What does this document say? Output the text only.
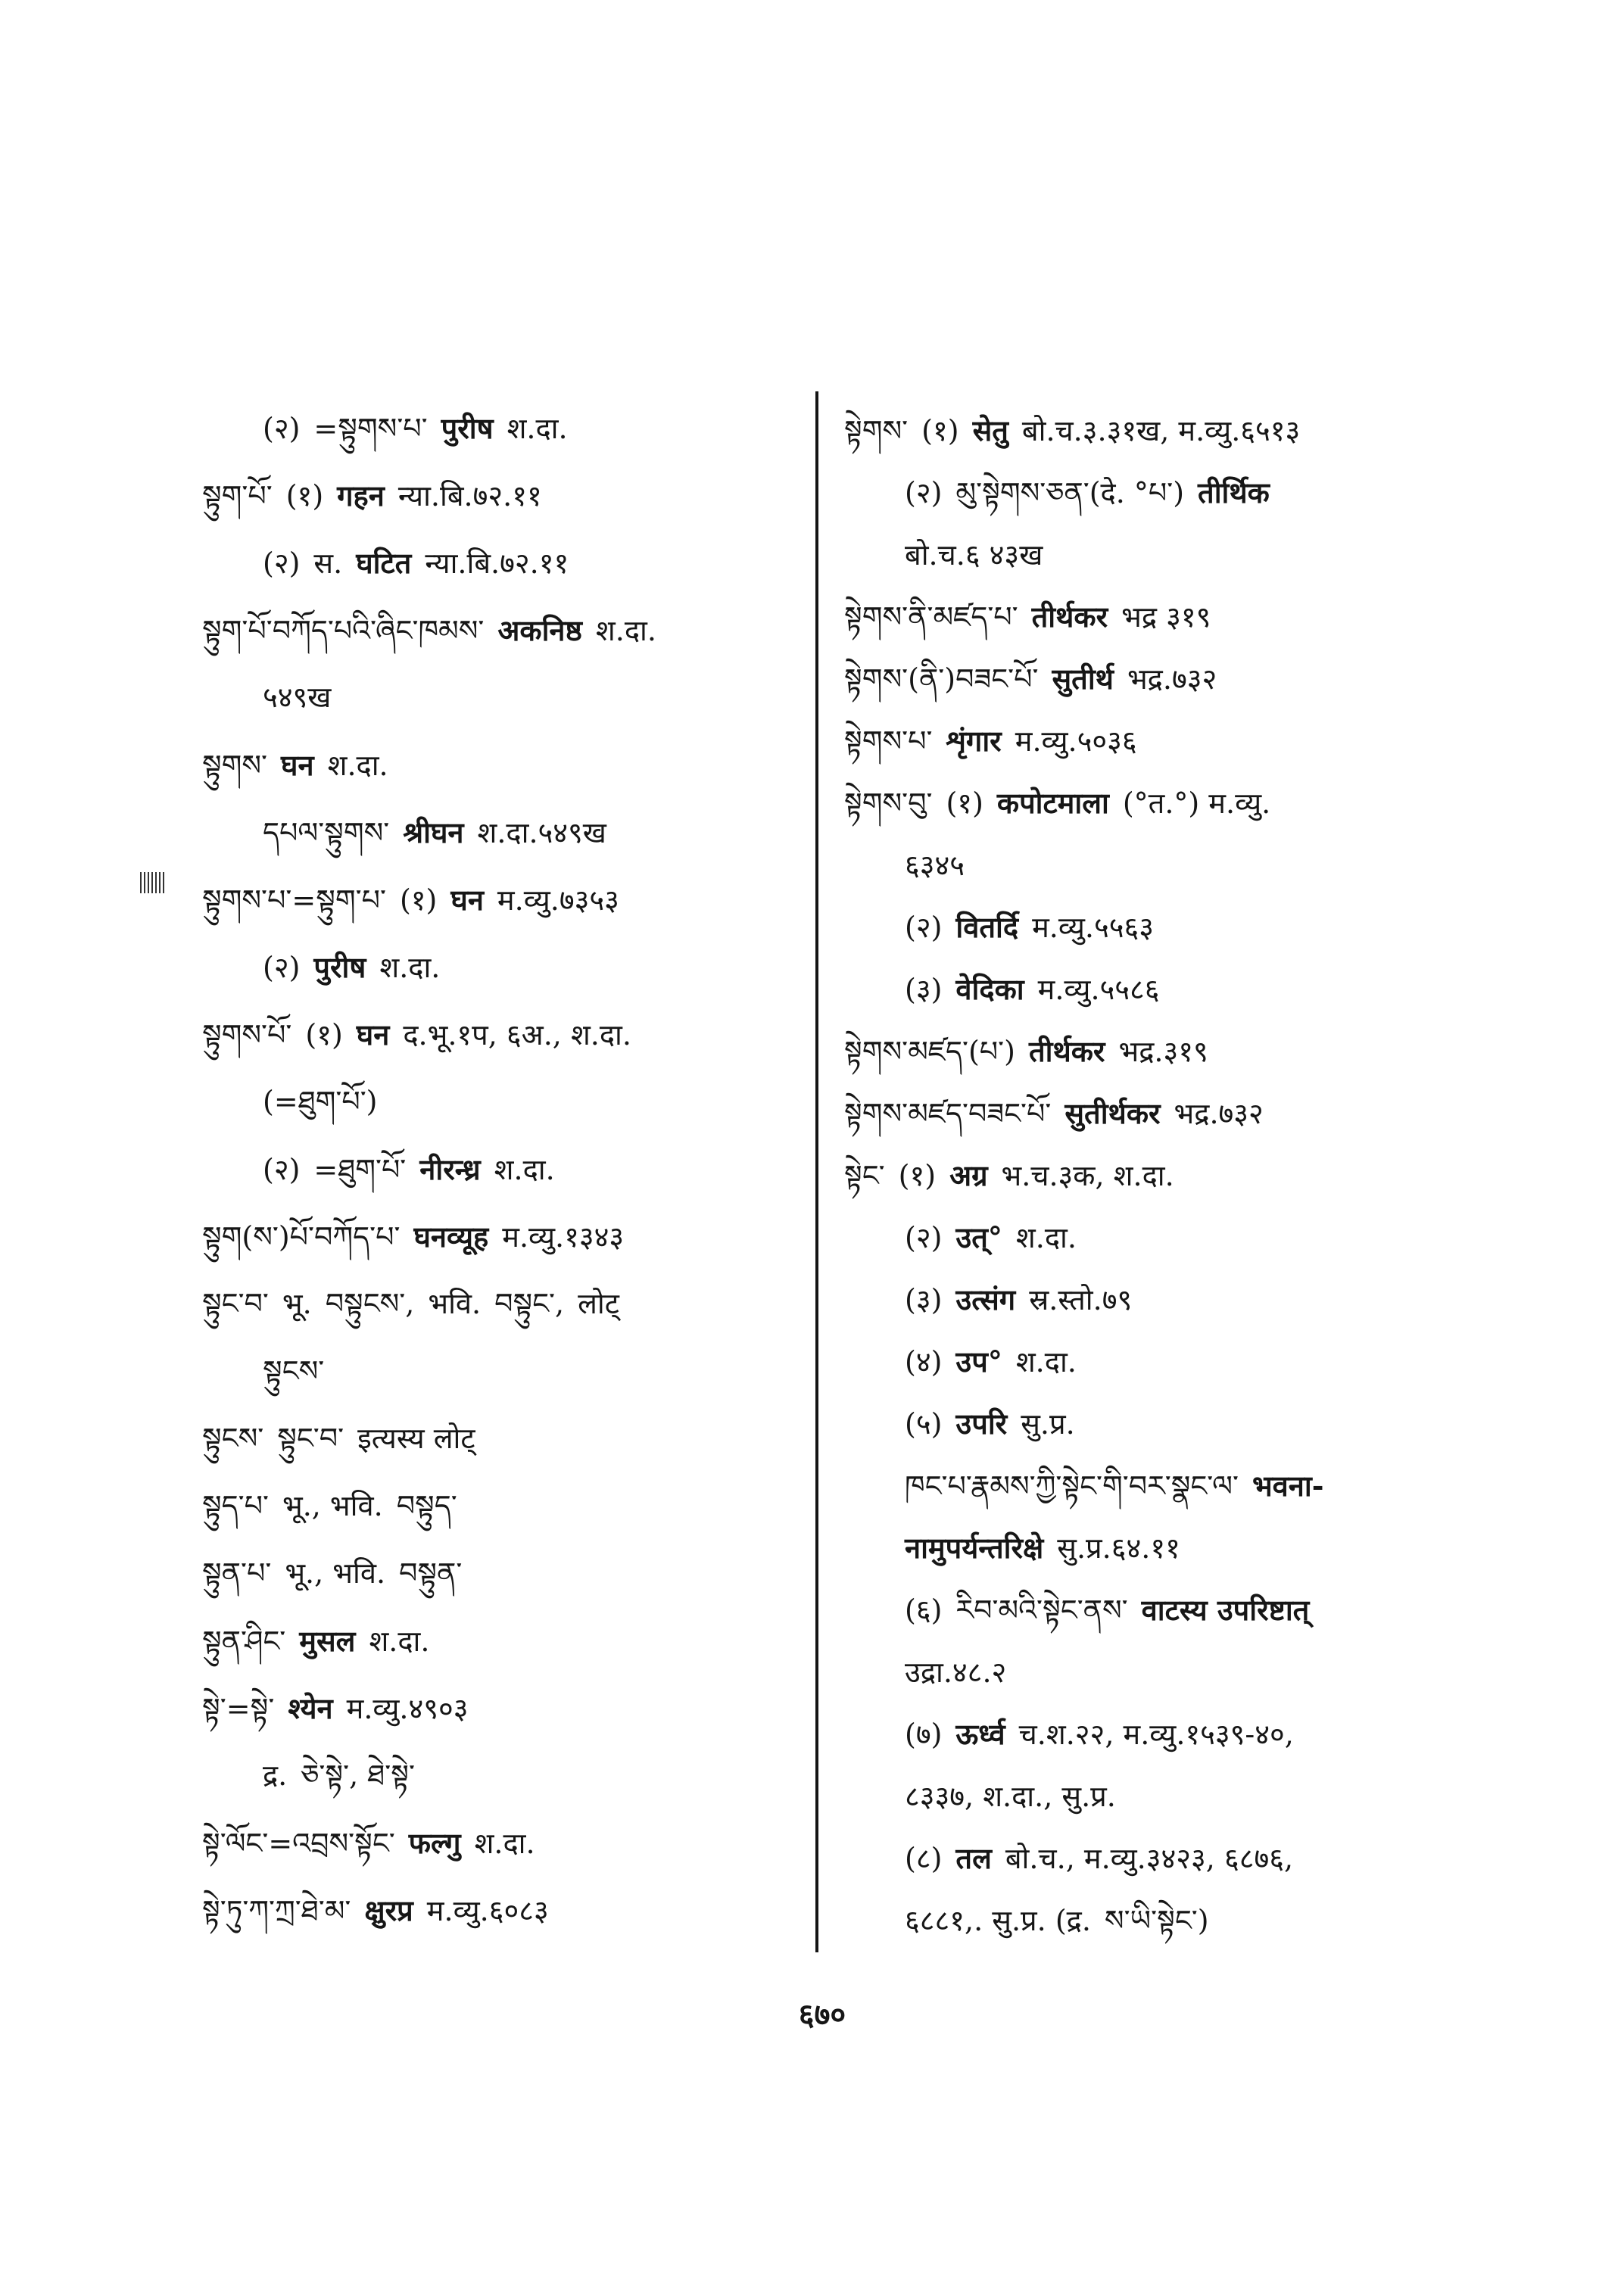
(२) =སྟུགས་པ་ पुरीष श.दा.
སྟུག་པོ་ (१) गहन न्या.बि.७२.११
(२) स. घटित न्या.बि.७२.११
སྟུག་པོ་བཀོད་པའི་ཞིང་ཁམས་ अकनिष्ठ श.दा.
५४९ख
སྟུགས་ घन श.दा.
དཔལ་སྟུགས་ श्रीघन श.दा.५४९ख
སྟུགས་པ་=སྟུག་པ་ (१) घन म.व्यु.७३५३
(२) पुरीष श.दा.
སྟུགས་པོ་ (१) घन द.भू.१प, ६अ., श.दा.
(=ཐུག་པོ་)
(२) =ཐུག་པོ་ नीरन्ध्र श.दा.
སྟུག(ས་)པོ་བཀོད་པ་ घनव्यूह म.व्यु.१३४३
སྟུང་བ་ भू. བསྟུངས་, भवि. བསྟུང་, लोट्
སྟུངས་
སྟུངས་ སྟུང་བ་ इत्यस्य लोट्
སྟུད་པ་ भू., भवि. བསྟུད་
སྟུན་པ་ भू., भवि. བསྟུན་
སྟུན་ཤིང་ मुसल श.दा.
སྟེ་=སྟེ་ श्येन म.व्यु.४९०३
द्र. ཅེ་སྟེ་, ཐེ་སྟེ་
སྟེ་ལོང་=འབྲས་སྟོང་ फल्गु श.दा.
སྟེ་ཏུ་ཀ་ཀྲ་ཐེ་མ་ क्षुरप्र म.व्यु.६०८३
སྟེགས་ (१) सेतु बो.च.३.३१ख, म.व्यु.६५१३
(२) མུ་སྟེགས་ཅན་(दे. °པ་) तीर्थिक
बो.च.६ ४३ख
སྟེགས་ནི་མཛད་པ་ तीर्थकर भद्र ३१९
སྟེགས་(ནི་)བཟང་པོ་ सुतीर्थ भद्र.७३२
སྟེགས་པ་ शृंगार म.व्यु.५०३६
སྟེགས་བུ་ (१) कपोटमाला (°त.°) म.व्यु.
६३४५
(२) वितर्दि म.व्यु.५५६३
(३) वेदिका म.व्यु.५५८६
སྟེགས་མཛད་(པ་) तीर्थकर भद्र.३१९
སྟེགས་མཛད་བཟང་པོ་ सुतीर्थकर भद्र.७३२
སྟེང་ (१) अग्र भ.च.३क, श.दा.
(२) उत्° श.दा.
(३) उत्संग स्र.स्तो.७९
(४) उप° श.दा.
(५) उपरि सु.प्र.
ཁང་པ་རྣམས་ཀྱི་སྟེང་གི་བར་སྣང་ལ་ भवना-
नामुपर्यन्तरिक्षे सु.प्र.६४.११
(६) རིབ་མའི་སྟེང་ནས་ वाटस्य उपरिष्टात्
उद्रा.४८.२
(७) ऊर्ध्व च.श.२२, म.व्यु.१५३९-४०,
८३३७, श.दा., सु.प्र.
(८) तल बो.च., म.व्यु.३४२३, ६८७६,
६८८१,. सु.प्र. (द्र. ས་ཡི་སྟེང་)
६७०
